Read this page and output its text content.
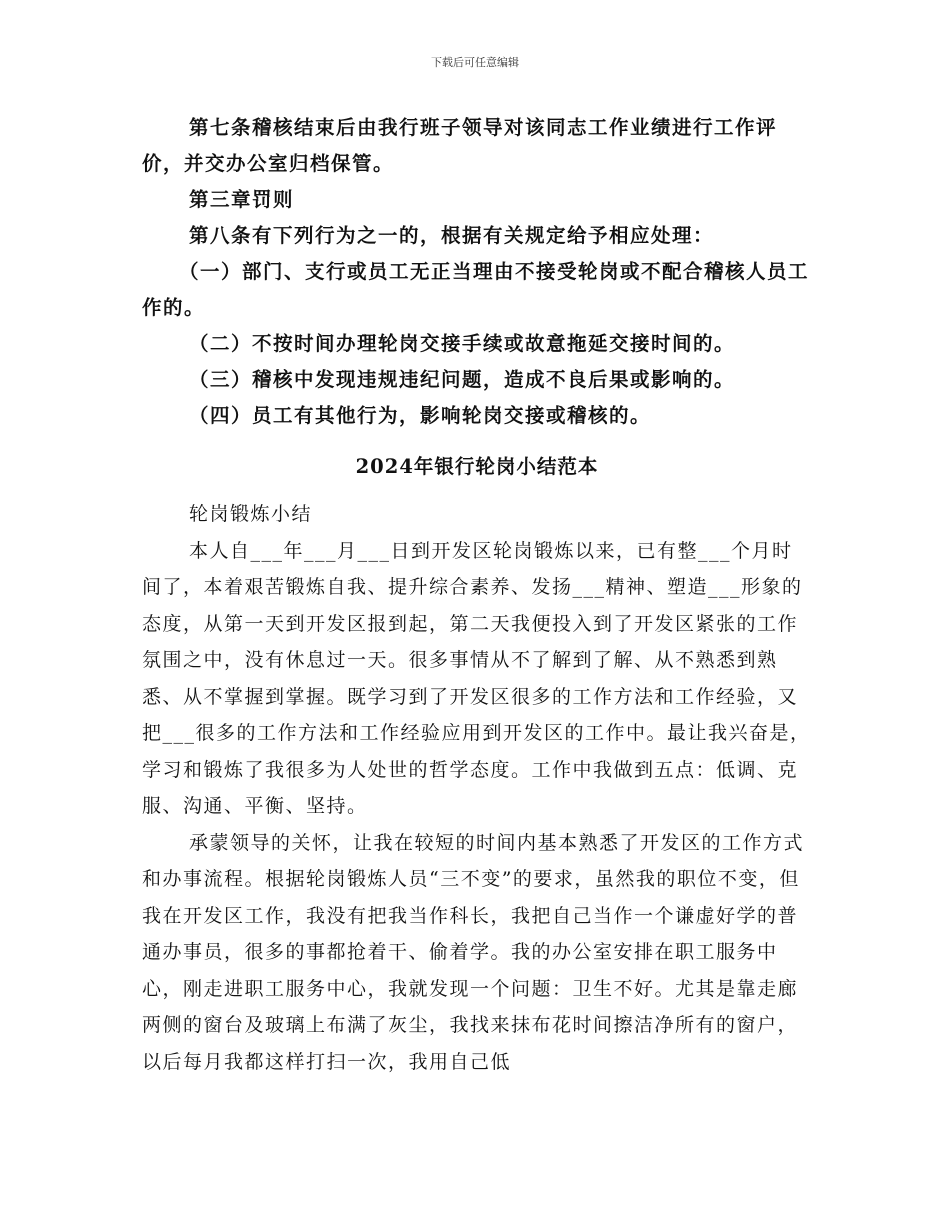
下载后可任意编辑

第七条稽核结束后由我行班子领导对该同志工作业绩进行工作评价，并交办公室归档保管。

第三章罚则

第八条有下列行为之一的，根据有关规定给予相应处理：

（一）部门、支行或员工无正当理由不接受轮岗或不配合稽核人员工作的。

（二）不按时间办理轮岗交接手续或故意拖延交接时间的。

（三）稽核中发现违规违纪问题，造成不良后果或影响的。

（四）员工有其他行为，影响轮岗交接或稽核的。

2024年银行轮岗小结范本

轮岗锻炼小结

本人自___年___月___日到开发区轮岗锻炼以来，已有整___个月时间了，本着艰苦锻炼自我、提升综合素养、发扬___精神、塑造___形象的态度，从第一天到开发区报到起，第二天我便投入到了开发区紧张的工作氛围之中，没有休息过一天。很多事情从不了解到了解、从不熟悉到熟悉、从不掌握到掌握。既学习到了开发区很多的工作方法和工作经验，又把___很多的工作方法和工作经验应用到开发区的工作中。最让我兴奋是，学习和锻炼了我很多为人处世的哲学态度。工作中我做到五点：低调、克服、沟通、平衡、坚持。

承蒙领导的关怀，让我在较短的时间内基本熟悉了开发区的工作方式和办事流程。根据轮岗锻炼人员“三不变”的要求，虽然我的职位不变，但我在开发区工作，我没有把我当作科长，我把自己当作一个谦虚好学的普通办事员，很多的事都抢着干、偷着学。我的办公室安排在职工服务中心，刚走进职工服务中心，我就发现一个问题：卫生不好。尤其是靠走廊两侧的窗台及玻璃上布满了灰尘，我找来抹布花时间擦洁净所有的窗户，以后每月我都这样打扫一次，我用自己低
